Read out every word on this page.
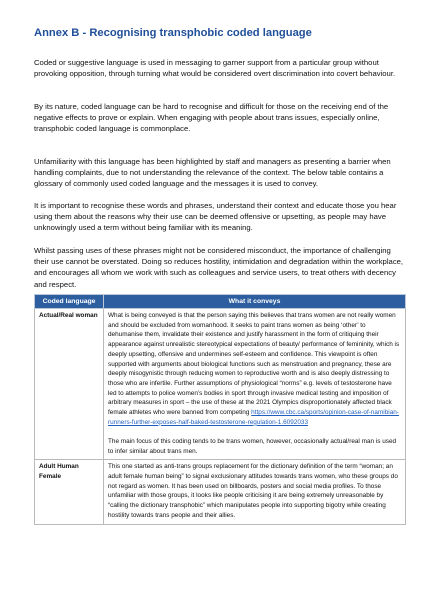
Annex B - Recognising transphobic coded language

Coded or suggestive language is used in messaging to garner support from a particular group without provoking opposition, through turning what would be considered overt discrimination into covert behaviour.

By its nature, coded language can be hard to recognise and difficult for those on the receiving end of the negative effects to prove or explain. When engaging with people about trans issues, especially online, transphobic coded language is commonplace.

Unfamiliarity with this language has been highlighted by staff and managers as presenting a barrier when handling complaints, due to not understanding the relevance of the context. The below table contains a glossary of commonly used coded language and the messages it is used to convey.

It is important to recognise these words and phrases, understand their context and educate those you hear using them about the reasons why their use can be deemed offensive or upsetting, as people may have unknowingly used a term without being familiar with its meaning.

Whilst passing uses of these phrases might not be considered misconduct, the importance of challenging their use cannot be overstated. Doing so reduces hostility, intimidation and degradation within the workplace, and encourages all whom we work with such as colleagues and service users, to treat others with decency and respect.

Coded language	What it conveys
Actual/Real woman	What is being conveyed is that the person saying this believes that trans women are not really women and should be excluded from womanhood. It seeks to paint trans women as being ‘other’ to dehumanise them, invalidate their existence and justify harassment in the form of critiquing their appearance against unrealistic stereotypical expectations of beauty/ performance of femininity, which is deeply upsetting, offensive and undermines self-esteem and confidence. This viewpoint is often supported with arguments about biological functions such as menstruation and pregnancy, these are deeply misogynistic through reducing women to reproductive worth and is also deeply distressing to those who are infertile. Further assumptions of physiological “norms” e.g. levels of testosterone have led to attempts to police women’s bodies in sport through invasive medical testing and imposition of arbitrary measures in sport – the use of these at the 2021 Olympics disproportionately affected black female athletes who were banned from competing https://www.cbc.ca/sports/opinion-case-of-namibian-runners-further-exposes-half-baked-testosterone-regulation-1.6092033

The main focus of this coding tends to be trans women, however, occasionally actual/real man is used to infer similar about trans men.

Adult Human Female	This one started as anti-trans groups replacement for the dictionary definition of the term “woman; an adult female human being” to signal exclusionary attitudes towards trans women, who these groups do not regard as women. It has been used on billboards, posters and social media profiles. To those unfamiliar with those groups, it looks like people criticising it are being extremely unreasonable by “calling the dictionary transphobic” which manipulates people into supporting bigotry while creating hostility towards trans people and their allies.
